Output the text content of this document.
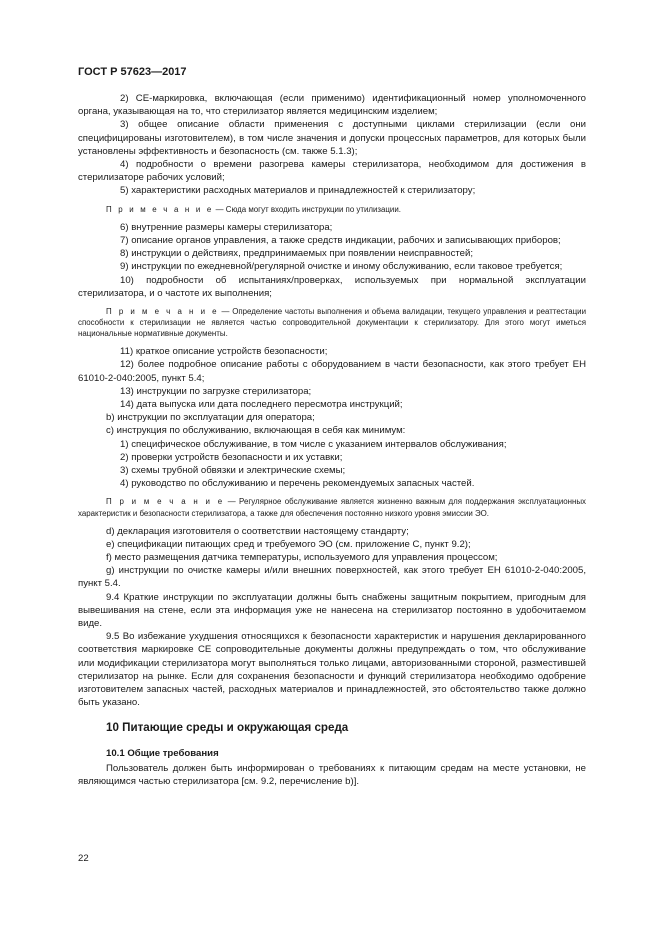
ГОСТ Р 57623—2017

2) СЕ-маркировка, включающая (если применимо) идентификационный номер уполномоченного органа, указывающая на то, что стерилизатор является медицинским изделием;

3) общее описание области применения с доступными циклами стерилизации (если они специфицированы изготовителем), в том числе значения и допуски процессных параметров, для которых были установлены эффективность и безопасность (см. также 5.1.3);

4) подробности о времени разогрева камеры стерилизатора, необходимом для достижения в стерилизаторе рабочих условий;

5) характеристики расходных материалов и принадлежностей к стерилизатору;

П р и м е ч а н и е — Сюда могут входить инструкции по утилизации.

6) внутренние размеры камеры стерилизатора;

7) описание органов управления, а также средств индикации, рабочих и записывающих приборов;

8) инструкции о действиях, предпринимаемых при появлении неисправностей;

9) инструкции по ежедневной/регулярной очистке и иному обслуживанию, если таковое требуется;

10) подробности об испытаниях/проверках, используемых при нормальной эксплуатации стерилизатора, и о частоте их выполнения;

П р и м е ч а н и е — Определение частоты выполнения и объема валидации, текущего управления и реаттестации способности к стерилизации не является частью сопроводительной документации к стерилизатору. Для этого могут иметься национальные нормативные документы.

11) краткое описание устройств безопасности;

12) более подробное описание работы с оборудованием в части безопасности, как этого требует ЕН 61010-2-040:2005, пункт 5.4;

13) инструкции по загрузке стерилизатора;

14) дата выпуска или дата последнего пересмотра инструкций;

b) инструкции по эксплуатации для оператора;

c) инструкция по обслуживанию, включающая в себя как минимум:

1) специфическое обслуживание, в том числе с указанием интервалов обслуживания;

2) проверки устройств безопасности и их уставки;

3) схемы трубной обвязки и электрические схемы;

4) руководство по обслуживанию и перечень рекомендуемых запасных частей.

П р и м е ч а н и е — Регулярное обслуживание является жизненно важным для поддержания эксплуатационных характеристик и безопасности стерилизатора, а также для обеспечения постоянно низкого уровня эмиссии ЭО.

d) декларация изготовителя о соответствии настоящему стандарту;

e) спецификации питающих сред и требуемого ЭО (см. приложение С, пункт 9.2);

f) место размещения датчика температуры, используемого для управления процессом;

g) инструкции по очистке камеры и/или внешних поверхностей, как этого требует ЕН 61010-2-040:2005, пункт 5.4.

9.4 Краткие инструкции по эксплуатации должны быть снабжены защитным покрытием, пригодным для вывешивания на стене, если эта информация уже не нанесена на стерилизатор постоянно в удобочитаемом виде.

9.5 Во избежание ухудшения относящихся к безопасности характеристик и нарушения декларированного соответствия маркировке СЕ сопроводительные документы должны предупреждать о том, что обслуживание или модификации стерилизатора могут выполняться только лицами, авторизованными стороной, разместившей стерилизатор на рынке. Если для сохранения безопасности и функций стерилизатора необходимо одобрение изготовителем запасных частей, расходных материалов и принадлежностей, это обстоятельство также должно быть указано.

10 Питающие среды и окружающая среда

10.1 Общие требования

Пользователь должен быть информирован о требованиях к питающим средам на месте установки, не являющимся частью стерилизатора [см. 9.2, перечисление b)].

22
